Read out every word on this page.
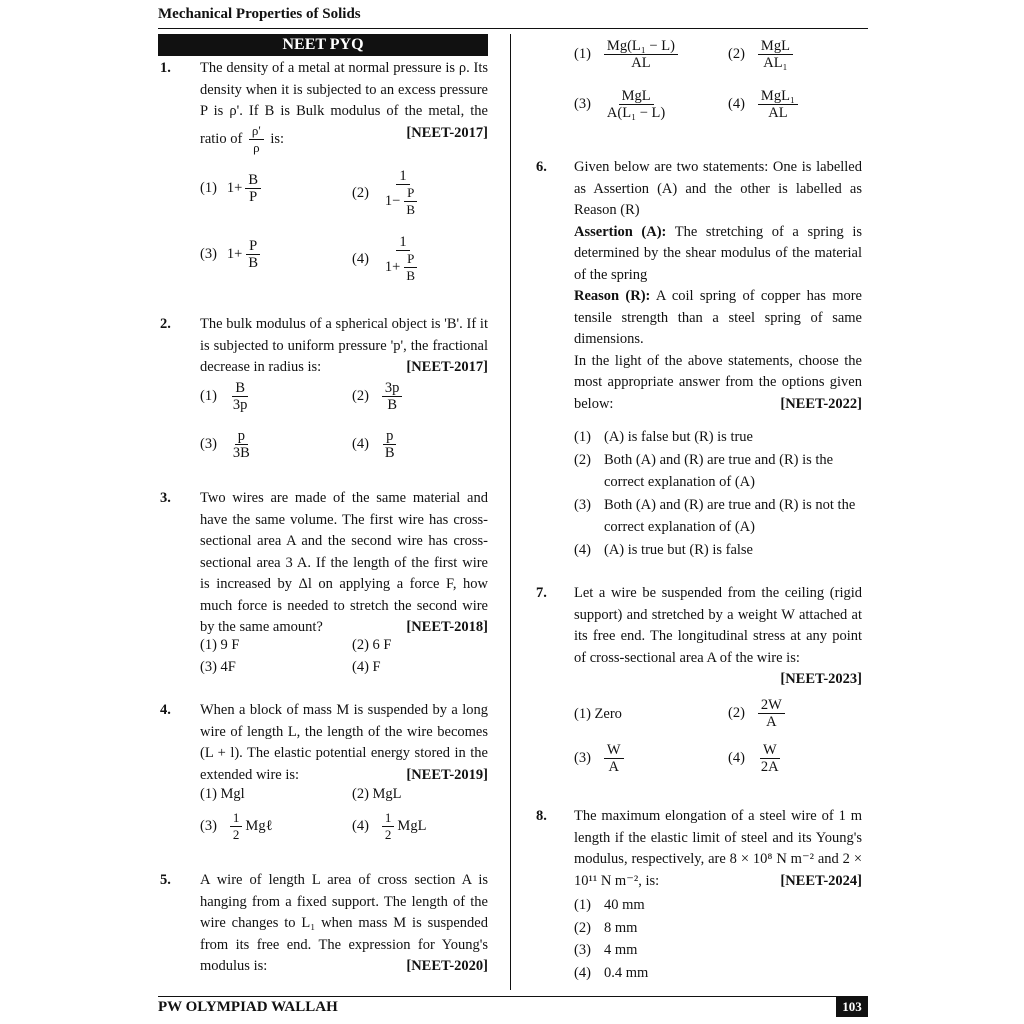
Mechanical Properties of Solids
NEET PYQ
1. The density of a metal at normal pressure is ρ. Its density when it is subjected to an excess pressure P is ρ'. If B is Bulk modulus of the metal, the ratio of $\frac{\rho'}{\rho}$ is:	[NEET-2017]
(1) $1+ \frac{B}{P}$	$(2) \frac{1}{1- \frac{P}{B}}$
(3) $1+ \frac{P}{B}$	$(4) \frac{1}{1+ \frac{P}{B}}$
2. The bulk modulus of a spherical object is 'B'. If it is subjected to uniform pressure 'p', the fractional decrease in radius is:	[NEET-2017]
$(1) \frac{B}{3p}$	$(2) \frac{3p}{B}$
$(3) \frac{p}{3B}$	$(4) \frac{p}{B}$
3. Two wires are made of the same material and have the same volume. The first wire has cross-sectional area A and the second wire has cross-sectional area 3 A. If the length of the first wire is increased by Δl on applying a force F, how much force is needed to stretch the second wire by the same amount?	[NEET-2018]
(1) 9 F	(2) 6 F
(3) 4F	(4) F
4. When a block of mass M is suspended by a long wire of length L, the length of the wire becomes (L + l). The elastic potential energy stored in the extended wire is:	[NEET-2019]
(1) Mgl	(2) MgL
$(3) \frac{1}{2}$ Mgℓ	$(4) \frac{1}{2}$ MgL
5. A wire of length L area of cross section A is hanging from a fixed support. The length of the wire changes to L₁ when mass M is suspended from its free end. The expression for Young's modulus is:	[NEET-2020]
$(1) \frac{\text{Mg(L₁ − L)}}{AL}$	$(2) \frac{\text{MgL}}{\text{AL₁}}$
$(3) \frac{\text{MgL}}{\text{A(L₁ − L)}}$	$(4) \frac{\text{MgL₁}}{AL}$
6. Given below are two statements: One is labelled as Assertion (A) and the other is labelled as Reason (R)
Assertion (A): The stretching of a spring is determined by the shear modulus of the material of the spring
Reason (R): A coil spring of copper has more tensile strength than a steel spring of same dimensions.
In the light of the above statements, choose the most appropriate answer from the options given below:	[NEET-2022]
(1) (A) is false but (R) is true
(2) Both (A) and (R) are true and (R) is the correct explanation of (A)
(3) Both (A) and (R) are true and (R) is not the correct explanation of (A)
(4) (A) is true but (R) is false
7. Let a wire be suspended from the ceiling (rigid support) and stretched by a weight W attached at its free end. The longitudinal stress at any point of cross-sectional area A of the wire is:

[NEET-2023]
(1) Zero	$(2) \frac{2W}{A}$
$(3) \frac{W}{A}$	$(4) \frac{W}{2A}$
8. The maximum elongation of a steel wire of 1 m length if the elastic limit of steel and its Young's modulus, respectively, are 8 × 10⁸ N m⁻² and 2 × 10¹¹ N m⁻², is:	[NEET-2024]
(1) 40 mm
(2) 8 mm
(3) 4 mm
(4) 0.4 mm
PW OLYMPIAD WALLAH	103
